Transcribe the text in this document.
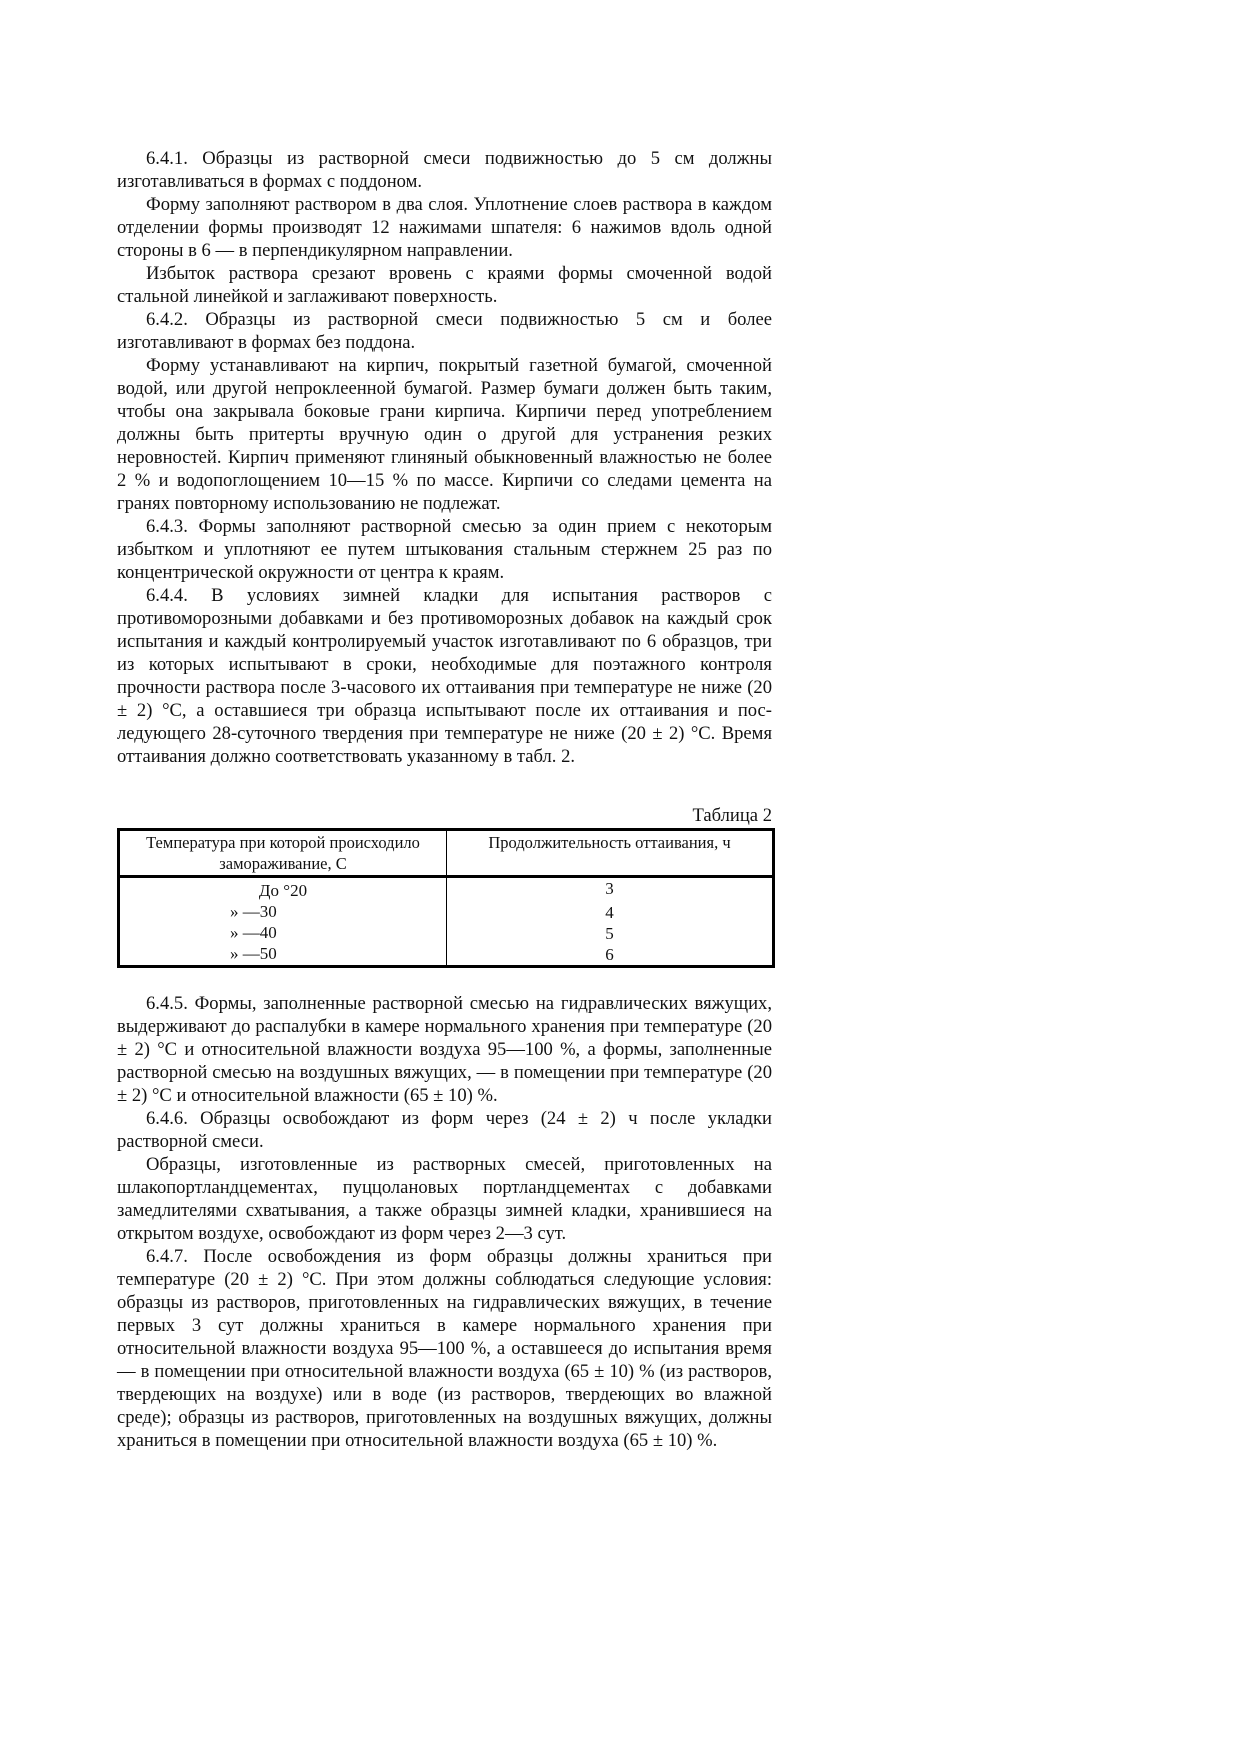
6.4.1. Образцы из растворной смеси подвижностью до 5 см должны изготавливаться в формах с поддоном.

Форму заполняют раствором в два слоя. Уплотнение слоев раствора в каждом отделении формы производят 12 нажимами шпателя: 6 нажимов вдоль одной стороны в 6 — в перпендикулярном направлении.

Избыток раствора срезают вровень с краями формы смоченной водой стальной линейкой и заглаживают поверхность.

6.4.2. Образцы из растворной смеси подвижностью 5 см и более изготавливают в формах без поддона.

Форму устанавливают на кирпич, покрытый газетной бумагой, смоченной водой, или другой непроклеенной бумагой. Размер бумаги должен быть таким, чтобы она закрывала боковые грани кирпича. Кирпичи перед употреблением должны быть притерты вручную один о другой для устранения резких неровностей. Кирпич применяют глиняный обыкновенный влажностью не более 2 % и водопоглощением 10—15 % по массе. Кирпичи со следами цемента на гранях повторному использованию не подлежат.

6.4.3. Формы заполняют растворной смесью за один прием с некоторым избытком и уплотняют ее путем штыкования стальным стержнем 25 раз по концентрической окружности от центра к краям.

6.4.4. В условиях зимней кладки для испытания растворов с противоморозными добавками и без противоморозных добавок на каждый срок испытания и каждый контролируемый участок изготавливают по 6 образцов, три из которых испытывают в сроки, необходимые для поэтажного контроля прочности раствора после 3-часового их оттаивания при температуре не ниже (20 ± 2) °С, а оставшиеся три образца испытывают после их оттаивания и последующего 28-суточного твердения при температуре не ниже (20 ± 2) °С. Время оттаивания должно соответствовать указанному в табл. 2.

Таблица 2
Температура при которой происходило замораживание, С
Продолжительность оттаивания, ч
До °20
» —30
» —40
» —50
3
4
5
6

6.4.5. Формы, заполненные растворной смесью на гидравлических вяжущих, выдерживают до распалубки в камере нормального хранения при температуре (20 ± 2) °С и относительной влажности воздуха 95—100 %, а формы, заполненные растворной смесью на воздушных вяжущих, — в помещении при температуре (20 ± 2) °С и относительной влажности (65 ± 10) %.

6.4.6. Образцы освобождают из форм через (24 ± 2) ч после укладки растворной смеси.

Образцы, изготовленные из растворных смесей, приготовленных на шлакопортландцементах, пуццолановых портландцементах с добавками замедлителями схватывания, а также образцы зимней кладки, хранившиеся на открытом воздухе, освобождают из форм через 2—3 сут.

6.4.7. После освобождения из форм образцы должны храниться при температуре (20 ± 2) °С. При этом должны соблюдаться следующие условия: образцы из растворов, приготовленных на гидравлических вяжущих, в течение первых 3 сут должны храниться в камере нормального хранения при относительной влажности воздуха 95—100 %, а оставшееся до испытания время — в помещении при относительной влажности воздуха (65 ± 10) % (из растворов, твердеющих на воздухе) или в воде (из растворов, твердеющих во влажной среде); образцы из растворов, приготовленных на воздушных вяжущих, должны храниться в помещении при относительной влажности воздуха (65 ± 10) %.
